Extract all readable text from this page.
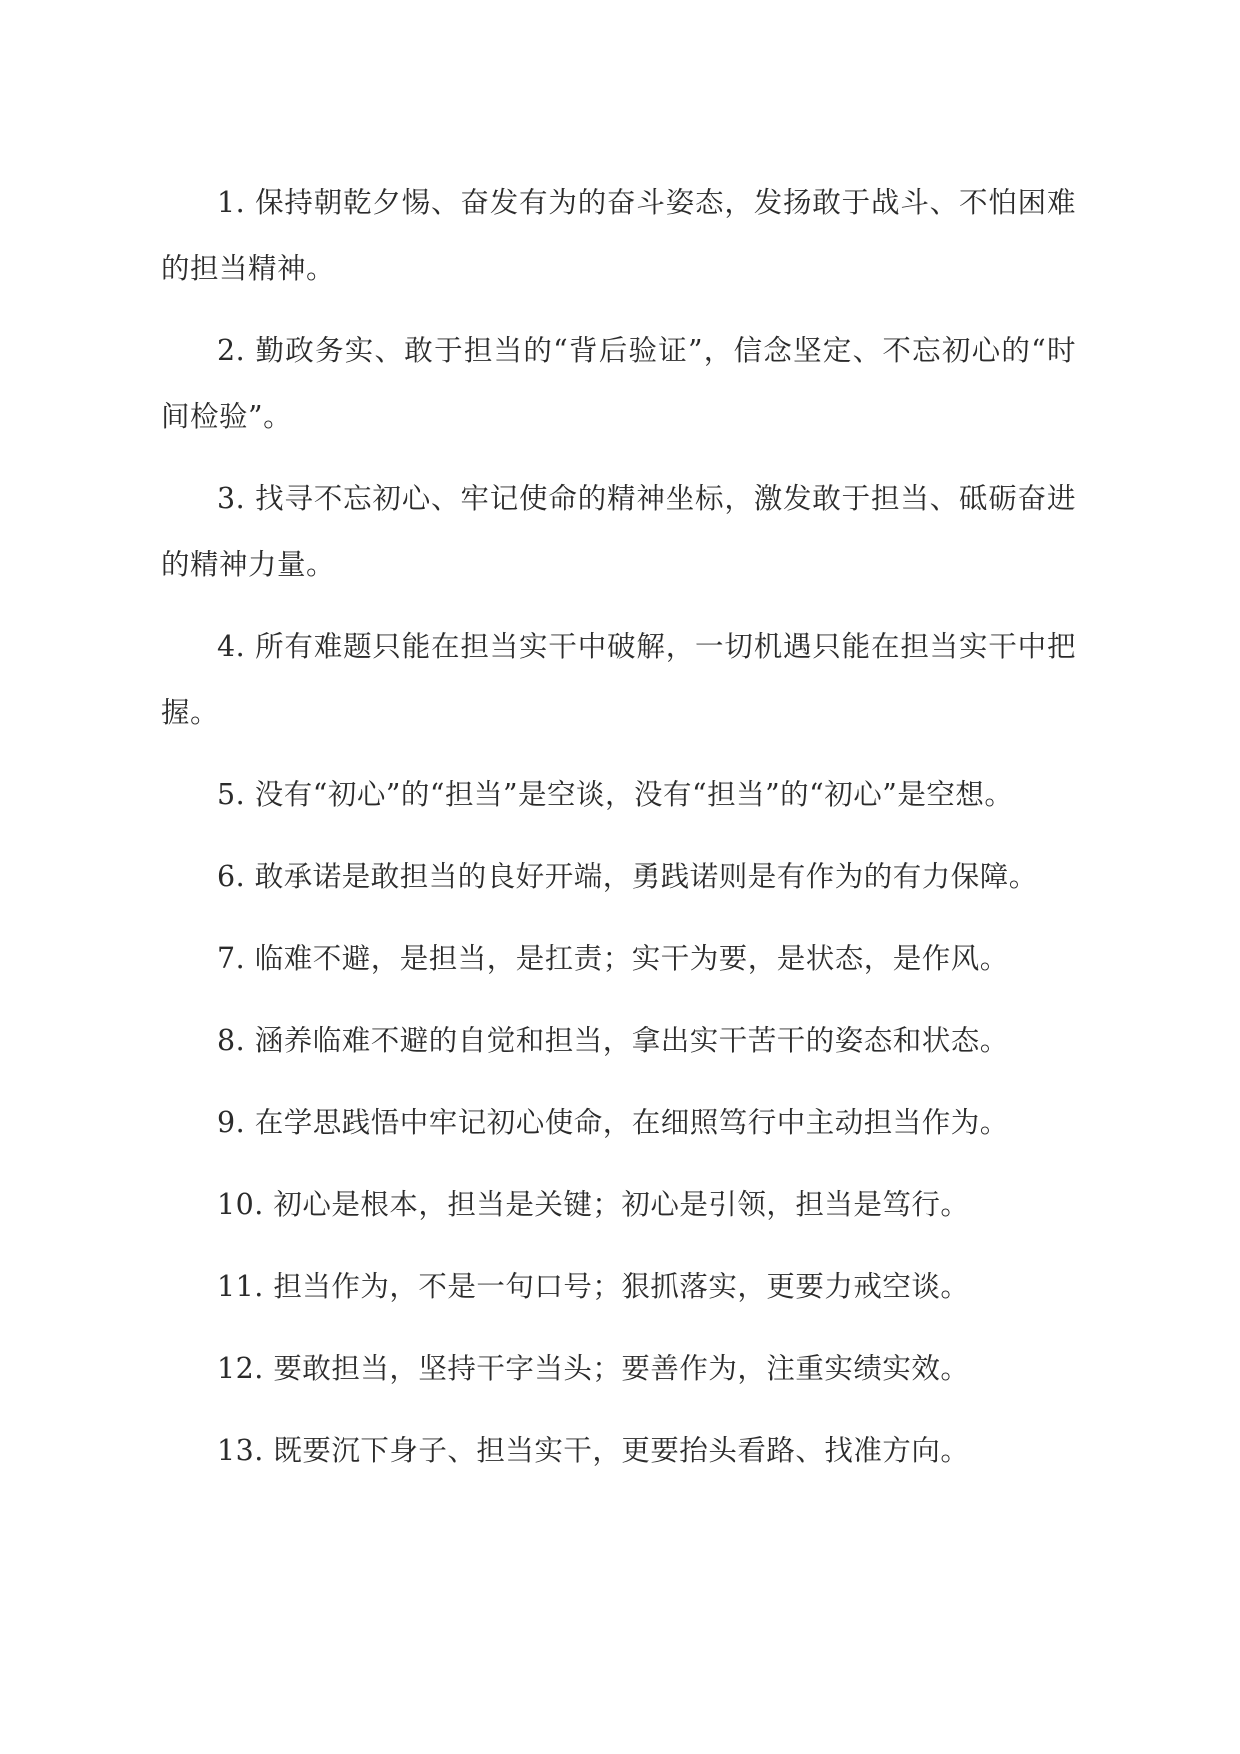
1. 保持朝乾夕惕、奋发有为的奋斗姿态，发扬敢于战斗、不怕困难的担当精神。

2. 勤政务实、敢于担当的“背后验证”，信念坚定、不忘初心的“时间检验”。

3. 找寻不忘初心、牢记使命的精神坐标，激发敢于担当、砥砺奋进的精神力量。

4. 所有难题只能在担当实干中破解，一切机遇只能在担当实干中把握。

5. 没有“初心”的“担当”是空谈，没有“担当”的“初心”是空想。

6. 敢承诺是敢担当的良好开端，勇践诺则是有作为的有力保障。

7. 临难不避，是担当，是扛责；实干为要，是状态，是作风。

8. 涵养临难不避的自觉和担当，拿出实干苦干的姿态和状态。

9. 在学思践悟中牢记初心使命，在细照笃行中主动担当作为。

10. 初心是根本，担当是关键；初心是引领，担当是笃行。

11. 担当作为，不是一句口号；狠抓落实，更要力戒空谈。

12. 要敢担当，坚持干字当头；要善作为，注重实绩实效。

13. 既要沉下身子、担当实干，更要抬头看路、找准方向。
